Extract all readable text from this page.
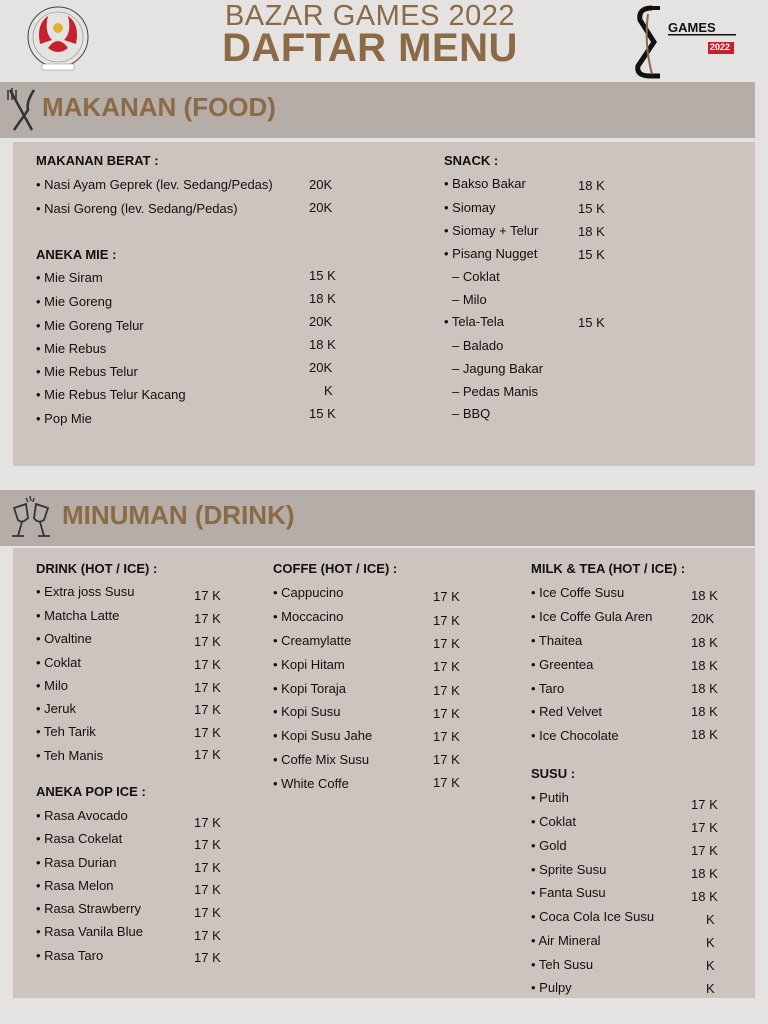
BAZAR GAMES 2022
DAFTAR MENU	GAMES
2022
MAKANAN (FOOD)
MAKANAN BERAT :
• Nasi Ayam Geprek (lev. Sedang/Pedas)	20K
• Nasi Goreng (lev. Sedang/Pedas)	20K
ANEKA MIE :
• Mie Siram	15 K
• Mie Goreng	18 K
• Mie Goreng Telur	20K
• Mie Rebus	18 K
• Mie Rebus Telur	20K
• Mie Rebus Telur Kacang	K
• Pop Mie	15 K
SNACK :
• Bakso Bakar	18 K
• Siomay	15 K
• Siomay + Telur	18 K
• Pisang Nugget	15 K
– Coklat
– Milo
• Tela-Tela	15 K
– Balado
– Jagung Bakar
– Pedas Manis
– BBQ
MINUMAN (DRINK)
DRINK (HOT / ICE) :
• Extra joss Susu	17 K
• Matcha Latte	17 K
• Ovaltine	17 K
• Coklat	17 K
• Milo	17 K
• Jeruk	17 K
• Teh Tarik	17 K
• Teh Manis	17 K
ANEKA POP ICE :
• Rasa Avocado	17 K
• Rasa Cokelat	17 K
• Rasa Durian	17 K
• Rasa Melon	17 K
• Rasa Strawberry	17 K
• Rasa Vanila Blue	17 K
• Rasa Taro	17 K
COFFE (HOT / ICE) :
• Cappucino	17 K
• Moccacino	17 K
• Creamylatte	17 K
• Kopi Hitam	17 K
• Kopi Toraja	17 K
• Kopi Susu	17 K
• Kopi Susu Jahe	17 K
• Coffe Mix Susu	17 K
• White Coffe	17 K
MILK & TEA (HOT / ICE) :
• Ice Coffe Susu	18 K
• Ice Coffe Gula Aren	20K
• Thaitea	18 K
• Greentea	18 K
• Taro	18 K
• Red Velvet	18 K
• Ice Chocolate	18 K
SUSU :
• Putih	17 K
• Coklat	17 K
• Gold	17 K
• Sprite Susu	18 K
• Fanta Susu	18 K
• Coca Cola Ice Susu	K
• Air Mineral	K
• Teh Susu	K
• Pulpy	K
